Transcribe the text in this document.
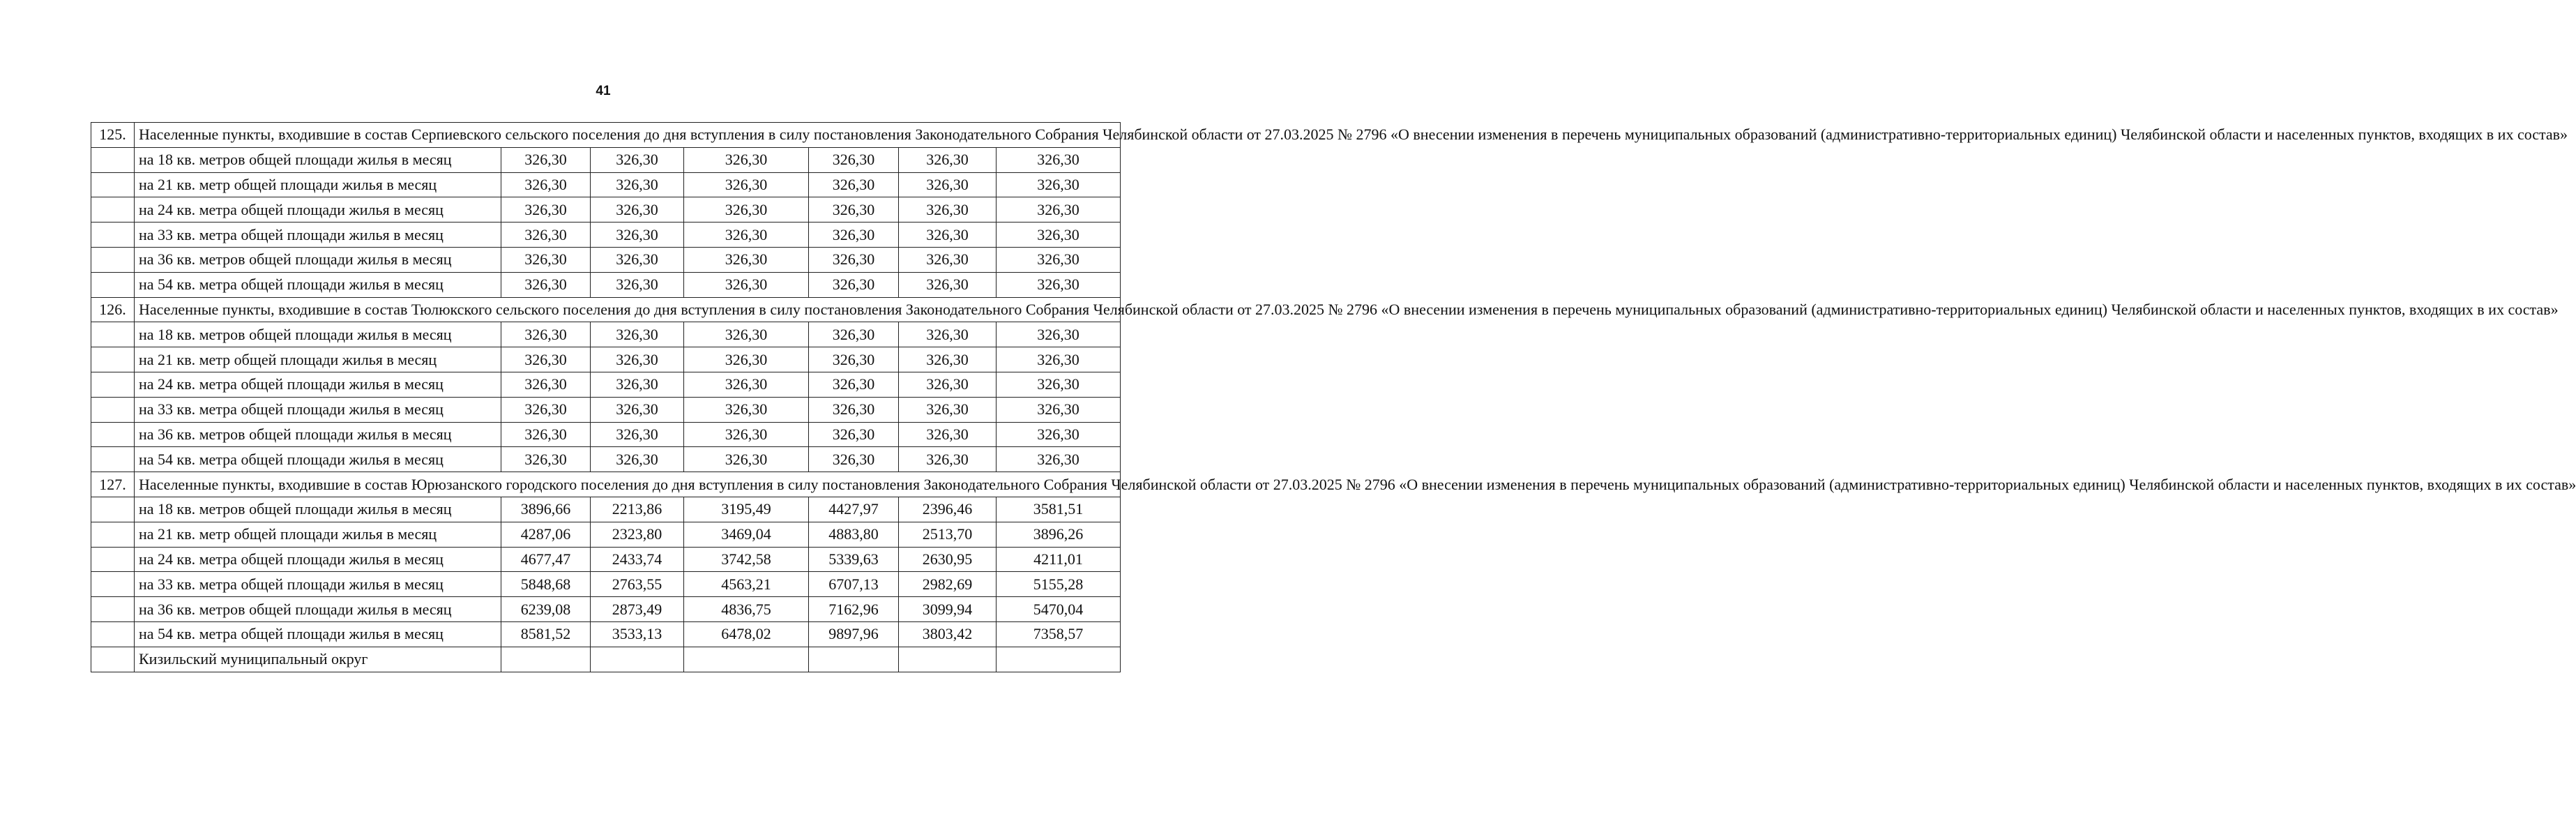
41
125.	Населенные пункты, входившие в состав Серпиевского сельского поселения до дня вступления в силу постановления Законодательного Собрания Челябинской области от 27.03.2025 № 2796 «О внесении изменения в перечень муниципальных образований (административно-территориальных единиц) Челябинской области и населенных пунктов, входящих в их состав»						
	на 18 кв. метров общей площади жилья в месяц	326,30	326,30	326,30	326,30	326,30	326,30
	на 21 кв. метр общей площади жилья в месяц	326,30	326,30	326,30	326,30	326,30	326,30
	на 24 кв. метра общей площади жилья в месяц	326,30	326,30	326,30	326,30	326,30	326,30
	на 33 кв. метра общей площади жилья в месяц	326,30	326,30	326,30	326,30	326,30	326,30
	на 36 кв. метров общей площади жилья в месяц	326,30	326,30	326,30	326,30	326,30	326,30
	на 54 кв. метра общей площади жилья в месяц	326,30	326,30	326,30	326,30	326,30	326,30
126.	Населенные пункты, входившие в состав Тюлюкского сельского поселения до дня вступления в силу постановления Законодательного Собрания Челябинской области от 27.03.2025 № 2796 «О внесении изменения в перечень муниципальных образований (административно-территориальных единиц) Челябинской области и населенных пунктов, входящих в их состав»						
	на 18 кв. метров общей площади жилья в месяц	326,30	326,30	326,30	326,30	326,30	326,30
	на 21 кв. метр общей площади жилья в месяц	326,30	326,30	326,30	326,30	326,30	326,30
	на 24 кв. метра общей площади жилья в месяц	326,30	326,30	326,30	326,30	326,30	326,30
	на 33 кв. метра общей площади жилья в месяц	326,30	326,30	326,30	326,30	326,30	326,30
	на 36 кв. метров общей площади жилья в месяц	326,30	326,30	326,30	326,30	326,30	326,30
	на 54 кв. метра общей площади жилья в месяц	326,30	326,30	326,30	326,30	326,30	326,30
127.	Населенные пункты, входившие в состав Юрюзанского городского поселения до дня вступления в силу постановления Законодательного Собрания Челябинской области от 27.03.2025 № 2796 «О внесении изменения в перечень муниципальных образований (административно-территориальных единиц) Челябинской области и населенных пунктов, входящих в их состав»						
	на 18 кв. метров общей площади жилья в месяц	3896,66	2213,86	3195,49	4427,97	2396,46	3581,51
	на 21 кв. метр общей площади жилья в месяц	4287,06	2323,80	3469,04	4883,80	2513,70	3896,26
	на 24 кв. метра общей площади жилья в месяц	4677,47	2433,74	3742,58	5339,63	2630,95	4211,01
	на 33 кв. метра общей площади жилья в месяц	5848,68	2763,55	4563,21	6707,13	2982,69	5155,28
	на 36 кв. метров общей площади жилья в месяц	6239,08	2873,49	4836,75	7162,96	3099,94	5470,04
	на 54 кв. метра общей площади жилья в месяц	8581,52	3533,13	6478,02	9897,96	3803,42	7358,57
	Кизильский муниципальный округ						
